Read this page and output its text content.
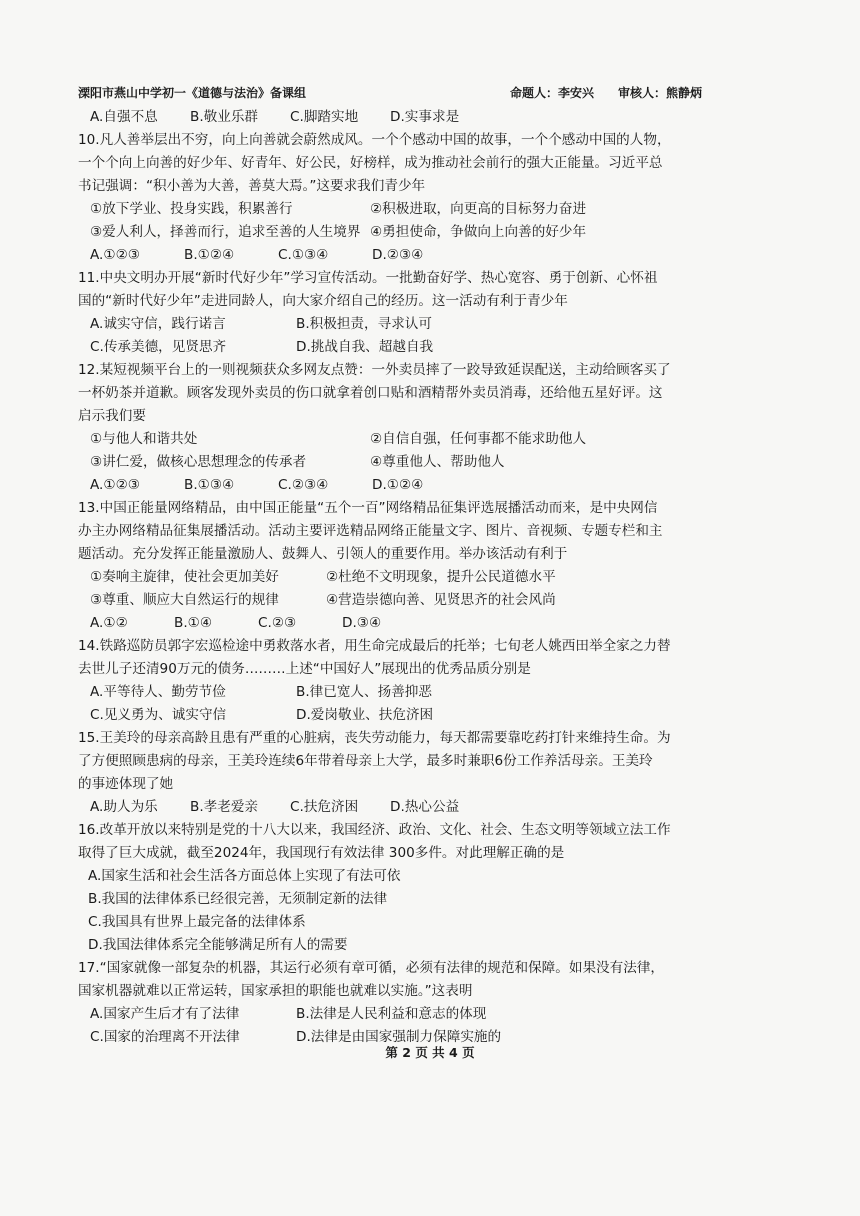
溧阳市燕山中学初一《道德与法治》备课组	命题人：李安兴　　审核人：熊静炳
A.自强不息	B.敬业乐群	C.脚踏实地	D.实事求是
10.凡人善举层出不穷，向上向善就会蔚然成风。一个个感动中国的故事，一个个感动中国的人物，
一个个向上向善的好少年、好青年、好公民，好榜样，成为推动社会前行的强大正能量。习近平总
书记强调：“积小善为大善，善莫大焉。”这要求我们青少年
①放下学业、投身实践，积累善行	②积极进取，向更高的目标努力奋进
③爱人利人，择善而行，追求至善的人生境界 ④勇担使命，争做向上向善的好少年
A.①②③	B.①②④	C.①③④	D.②③④
11.中央文明办开展“新时代好少年”学习宣传活动。一批勤奋好学、热心宽容、勇于创新、心怀祖
国的“新时代好少年”走进同龄人，向大家介绍自己的经历。这一活动有利于青少年
A.诚实守信，践行诺言	B.积极担责，寻求认可
C.传承美德，见贤思齐	D.挑战自我、超越自我
12.某短视频平台上的一则视频获众多网友点赞：一外卖员摔了一跤导致延误配送，主动给顾客买了
一杯奶茶并道歉。顾客发现外卖员的伤口就拿着创口贴和酒精帮外卖员消毒，还给他五星好评。这
启示我们要
①与他人和谐共处	②自信自强，任何事都不能求助他人
③讲仁爱，做核心思想理念的传承者	④尊重他人、帮助他人
A.①②③	B.①③④	C.②③④	D.①②④
13.中国正能量网络精品，由中国正能量“五个一百”网络精品征集评选展播活动而来，是中央网信
办主办网络精品征集展播活动。活动主要评选精品网络正能量文字、图片、音视频、专题专栏和主
题活动。充分发挥正能量激励人、鼓舞人、引领人的重要作用。举办该活动有利于
①奏响主旋律，使社会更加美好	②杜绝不文明现象，提升公民道德水平
③尊重、顺应大自然运行的规律	④营造崇德向善、见贤思齐的社会风尚
A.①②	B.①④	C.②③	D.③④
14.铁路巡防员郭字宏巡检途中勇救落水者，用生命完成最后的托举；七旬老人姚西田举全家之力替
去世儿子还清90万元的债务………上述“中国好人”展现出的优秀品质分别是
A.平等待人、勤劳节俭	B.律已宽人、扬善抑恶
C.见义勇为、诚实守信	D.爱岗敬业、扶危济困
15.王美玲的母亲高龄且患有严重的心脏病，丧失劳动能力，每天都需要靠吃药打针来维持生命。为
了方便照顾患病的母亲，王美玲连续6年带着母亲上大学，最多时兼职6份工作养活母亲。王美玲
的事迹体现了她
A.助人为乐	B.孝老爱亲	C.扶危济困	D.热心公益
16.改革开放以来特别是党的十八大以来，我国经济、政治、文化、社会、生态文明等领域立法工作
取得了巨大成就，截至2024年，我国现行有效法律 300多件。对此理解正确的是
A.国家生活和社会生活各方面总体上实现了有法可依
B.我国的法律体系已经很完善，无须制定新的法律
C.我国具有世界上最完备的法律体系
D.我国法律体系完全能够满足所有人的需要
17.“国家就像一部复杂的机器，其运行必须有章可循，必须有法律的规范和保障。如果没有法律，
国家机器就难以正常运转，国家承担的职能也就难以实施。”这表明
A.国家产生后才有了法律	B.法律是人民利益和意志的体现
C.国家的治理离不开法律	D.法律是由国家强制力保障实施的
第 2 页 共 4 页
